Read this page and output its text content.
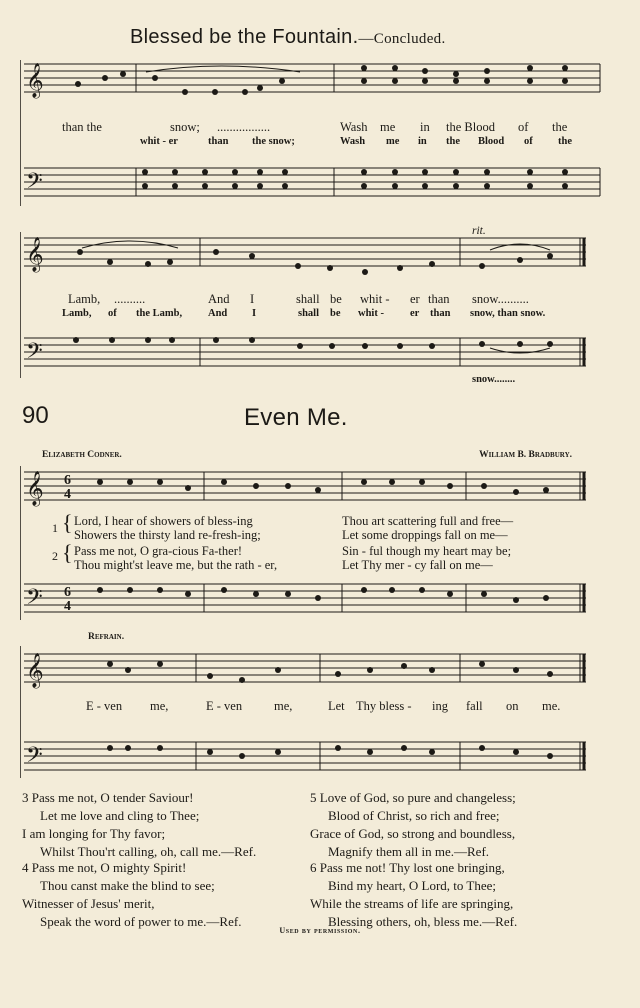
Blessed be the Fountain.—Concluded.
𝄞
𝄢
than the	snow; .................	Wash me in the Blood of the
whit - er	than the snow;	Wash me in the Blood of the
rit.
𝄞
𝄢
Lamb, ..........	And I	shall be whit - er than snow..........
Lamb, of the Lamb, And I	shall be whit - er than snow, than snow.
snow........
90	Even Me.
Elizabeth Codner.	William B. Bradbury.
𝄞
𝄢
6
4
6
4
1
2
{
{
Lord, I hear of showers of bless-ing	Thou art scattering full and free—
Showers the thirsty land re-fresh-ing;	Let some droppings fall on me—
Pass me not, O gra-cious Fa-ther!	Sin - ful though my heart may be;
Thou might'st leave me, but the rath - er,	Let Thy mer - cy fall on me—
Refrain.
𝄞
𝄢
E - ven me,	E - ven	me,	Let Thy bless - ing fall on me.
3 Pass me not, O tender Saviour!
Let me love and cling to Thee;
I am longing for Thy favor;
Whilst Thou'rt calling, oh, call me.—Ref.
4 Pass me not, O mighty Spirit!
Thou canst make the blind to see;
Witnesser of Jesus' merit,
Speak the word of power to me.—Ref.
5 Love of God, so pure and changeless;
Blood of Christ, so rich and free;
Grace of God, so strong and boundless,
Magnify them all in me.—Ref.
6 Pass me not! Thy lost one bringing,
Bind my heart, O Lord, to Thee;
While the streams of life are springing,
Blessing others, oh, bless me.—Ref.
Used by permission.
